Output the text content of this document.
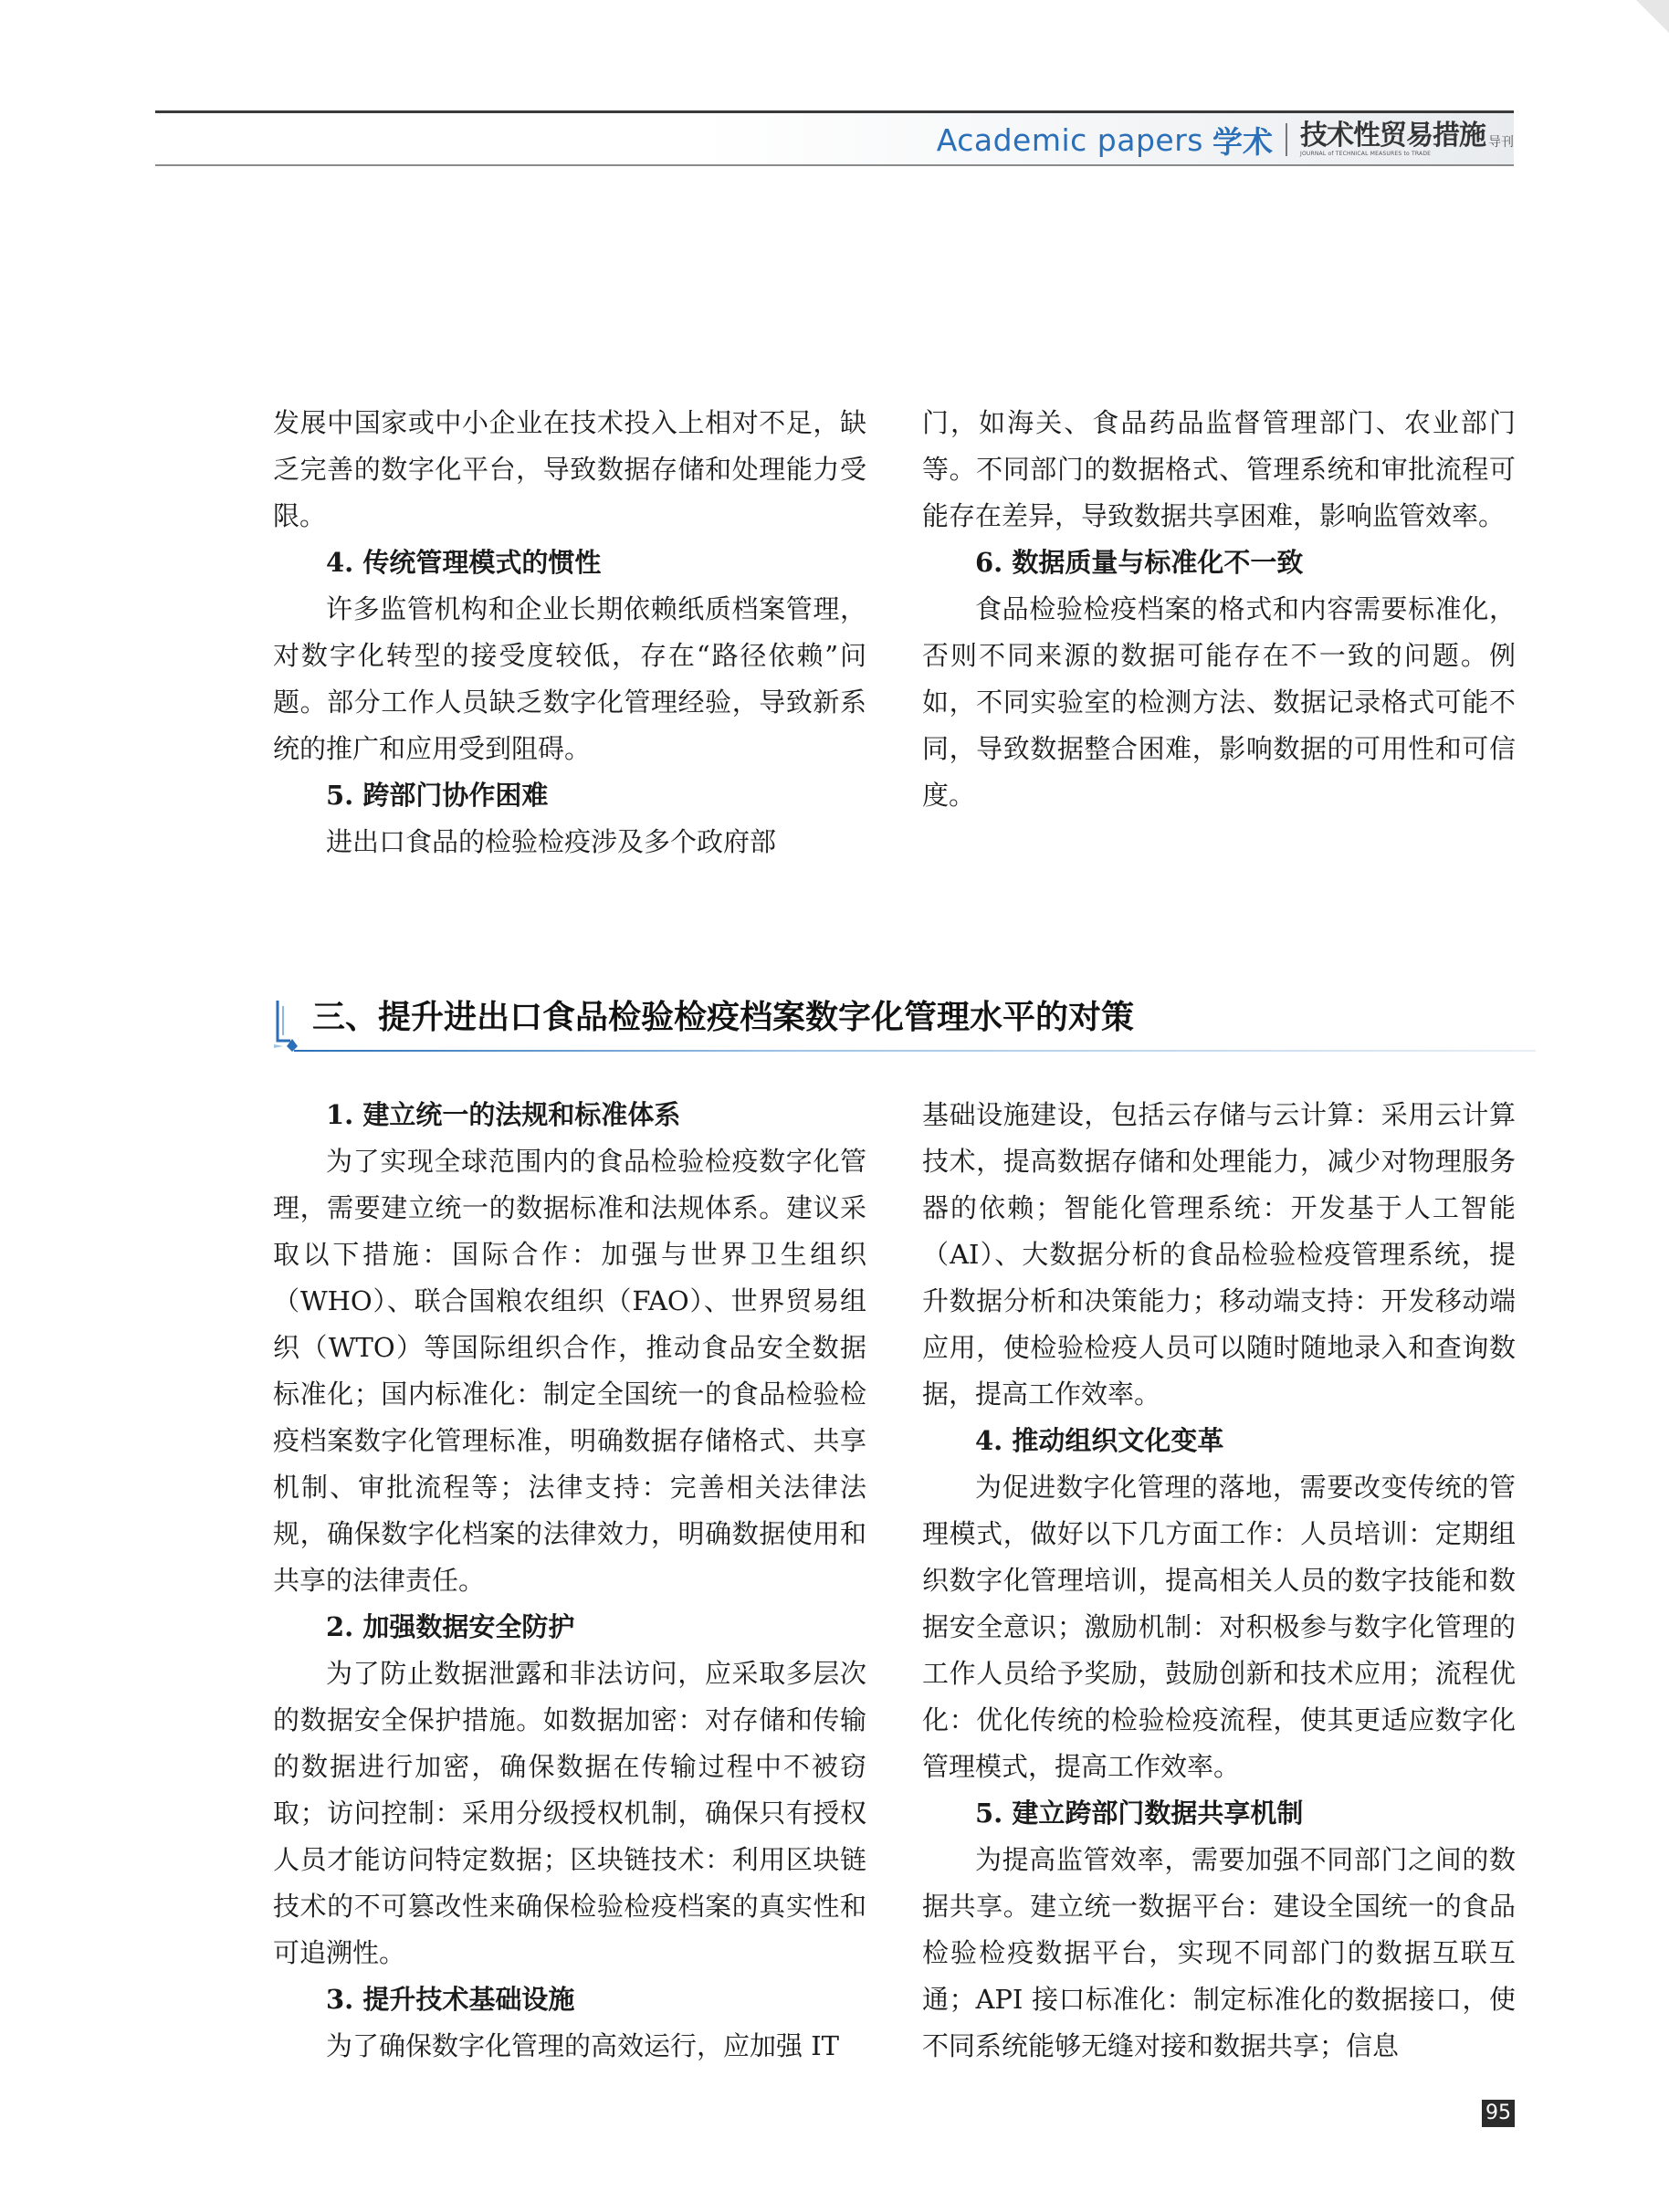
Academic papers 学术 技术性贸易措施 导刊
JOURNAL of TECHNICAL MEASURES to TRADE

发展中国家或中小企业在技术投入上相对不足，缺乏完善的数字化平台，导致数据存储和处理能力受限。

4. 传统管理模式的惯性

许多监管机构和企业长期依赖纸质档案管理，对数字化转型的接受度较低，存在“路径依赖”问题。部分工作人员缺乏数字化管理经验，导致新系统的推广和应用受到阻碍。

5. 跨部门协作困难

进出口食品的检验检疫涉及多个政府部

门，如海关、食品药品监督管理部门、农业部门等。不同部门的数据格式、管理系统和审批流程可能存在差异，导致数据共享困难，影响监管效率。

6. 数据质量与标准化不一致

食品检验检疫档案的格式和内容需要标准化，否则不同来源的数据可能存在不一致的问题。例如，不同实验室的检测方法、数据记录格式可能不同，导致数据整合困难，影响数据的可用性和可信度。

三、提升进出口食品检验检疫档案数字化管理水平的对策

1. 建立统一的法规和标准体系

为了实现全球范围内的食品检验检疫数字化管理，需要建立统一的数据标准和法规体系。建议采取以下措施：国际合作：加强与世界卫生组织（WHO）、联合国粮农组织（FAO）、世界贸易组织（WTO）等国际组织合作，推动食品安全数据标准化；国内标准化：制定全国统一的食品检验检疫档案数字化管理标准，明确数据存储格式、共享机制、审批流程等；法律支持：完善相关法律法规，确保数字化档案的法律效力，明确数据使用和共享的法律责任。

2. 加强数据安全防护

为了防止数据泄露和非法访问，应采取多层次的数据安全保护措施。如数据加密：对存储和传输的数据进行加密，确保数据在传输过程中不被窃取；访问控制：采用分级授权机制，确保只有授权人员才能访问特定数据；区块链技术：利用区块链技术的不可篡改性来确保检验检疫档案的真实性和可追溯性。

3. 提升技术基础设施

为了确保数字化管理的高效运行，应加强 IT

基础设施建设，包括云存储与云计算：采用云计算技术，提高数据存储和处理能力，减少对物理服务器的依赖；智能化管理系统：开发基于人工智能（AI）、大数据分析的食品检验检疫管理系统，提升数据分析和决策能力；移动端支持：开发移动端应用，使检验检疫人员可以随时随地录入和查询数据，提高工作效率。

4. 推动组织文化变革

为促进数字化管理的落地，需要改变传统的管理模式，做好以下几方面工作：人员培训：定期组织数字化管理培训，提高相关人员的数字技能和数据安全意识；激励机制：对积极参与数字化管理的工作人员给予奖励，鼓励创新和技术应用；流程优化：优化传统的检验检疫流程，使其更适应数字化管理模式，提高工作效率。

5. 建立跨部门数据共享机制

为提高监管效率，需要加强不同部门之间的数据共享。建立统一数据平台：建设全国统一的食品检验检疫数据平台，实现不同部门的数据互联互通；API 接口标准化：制定标准化的数据接口，使不同系统能够无缝对接和数据共享；信息

95
